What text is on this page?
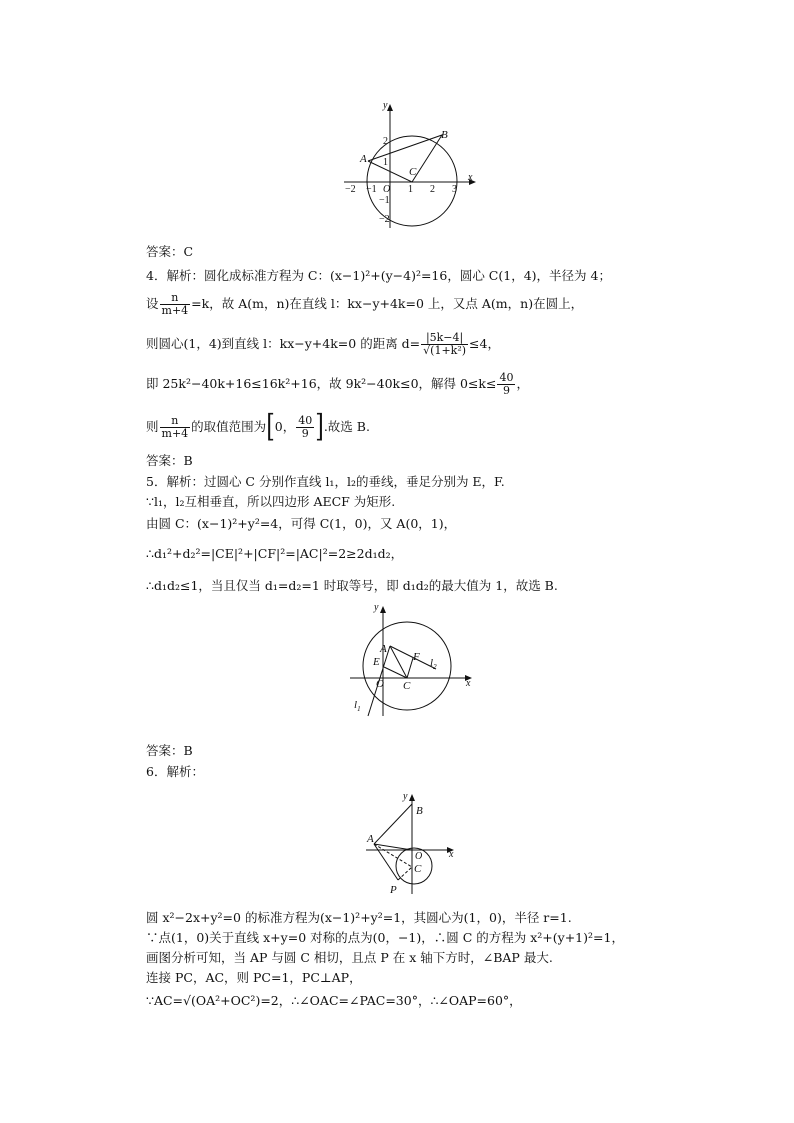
y
x
A
B
C
O
−2 −1	1 2 3
2
1
−1
−2
答案：C
4．解析：圆化成标准方程为 C：(x−1)²+(y−4)²=16，圆心 C(1，4)，半径为 4；
设 $\frac{n}{m+4} =k$，故 A(m，n)在直线 l：kx−y+4k=0 上，又点 A(m，n)在圆上，
则圆心(1，4)到直线 l：kx−y+4k=0 的距离 $d= \frac{|5k-4|}{\text{√(1+k²)}} \le 4$，
即 25k²−40k+16≤16k²+16，故 9k²−40k≤0，解得 $0\le k\le \frac{40}{9}$ ，
则 $\frac{n}{m+4}$ 的取值范围为[0， $\frac{40}{9}$ ].故选 B.
答案：B
5．解析：过圆心 C 分别作直线 l₁，l₂的垂线，垂足分别为 E，F.
∵l₁，l₂互相垂直，所以四边形 AECF 为矩形.
由圆 C：(x−1)²+y²=4，可得 C(1，0)，又 A(0，1)，
∴d₁²+d₂²=|CE|²+|CF|²=|AC|²=2≥2d₁d₂，
∴d₁d₂≤1，当且仅当 d₁=d₂=1 时取等号，即 d₁d₂的最大值为 1，故选 B.
y
x
A
E	F
O C
$l_2$
$l_1$
答案：B
6．解析：
y
x
B
A
O
C
P
圆 x²−2x+y²=0 的标准方程为(x−1)²+y²=1，其圆心为(1，0)，半径 r=1.
∵点(1，0)关于直线 x+y=0 对称的点为(0，−1)，∴圆 C 的方程为 x²+(y+1)²=1，
画图分析可知，当 AP 与圆 C 相切，且点 P 在 x 轴下方时，∠BAP 最大.
连接 PC，AC，则 PC=1，PC⊥AP，
∵AC=√(OA²+OC²)=2，∴∠OAC=∠PAC=30°，∴∠OAP=60°，
